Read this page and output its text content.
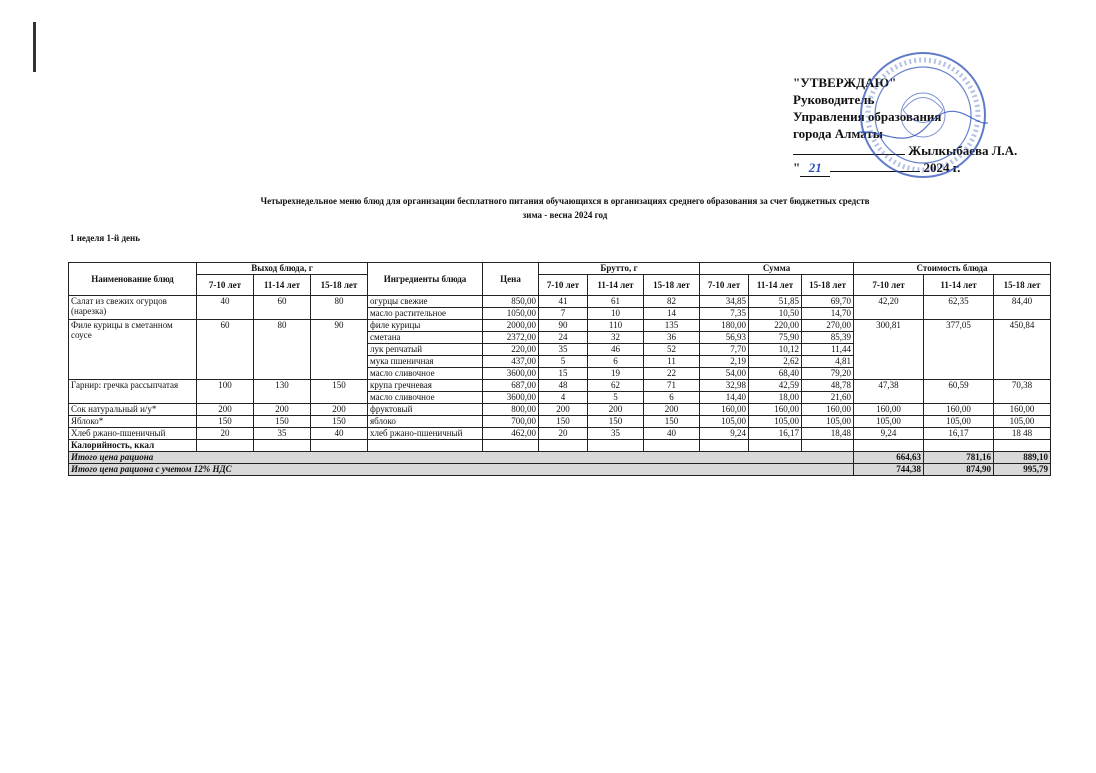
"УТВЕРЖДАЮ"
Руководитель
Управления образования
города Алматы
Жылкыбаева Л.А.
" 21	2024 г.
Четырехнедельное меню блюд для организации бесплатного питания обучающихся в организациях среднего образования за счет бюджетных средств
зима - весна 2024 год
1 неделя 1-й день
Наименование блюд	Выход блюда, г			Ингредиенты блюда	Цена	Брутто, г			Сумма			Стоимость блюда		
	7-10 лет	11-14 лет	15-18 лет			7-10 лет	11-14 лет	15-18 лет	7-10 лет	11-14 лет	15-18 лет	7-10 лет	11-14 лет	15-18 лет
Салат из свежих огурцов (нарезка)	40	60	80	огурцы свежие	850,00	41	61	82	34,85	51,85	69,70	42,20	62,35	84,40
				масло растительное	1050,00	7	10	14	7,35	10,50	14,70			
Филе курицы в сметанном соусе	60	80	90	филе курицы	2000,00	90	110	135	180,00	220,00	270,00	300,81	377,05	450,84
				сметана	2372,00	24	32	36	56,93	75,90	85,39			
				лук репчатый	220,00	35	46	52	7,70	10,12	11,44			
				мука пшеничная	437,00	5	6	11	2,19	2,62	4,81			
				масло сливочное	3600,00	15	19	22	54,00	68,40	79,20			
Гарнир: гречка рассыпчатая	100	130	150	крупа гречневая	687,00	48	62	71	32,98	42,59	48,78	47,38	60,59	70,38
				масло сливочное	3600,00	4	5	6	14,40	18,00	21,60			
Сок натуральный и/у*	200	200	200	фруктовый	800,00	200	200	200	160,00	160,00	160,00	160,00	160,00	160,00
Яблоко*	150	150	150	яблоко	700,00	150	150	150	105,00	105,00	105,00	105,00	105,00	105,00
Хлеб ржано-пшеничный	20	35	40	хлеб ржано-пшеничный	462,00	20	35	40	9,24	16,17	18,48	9,24	16,17	18 48
Калорийность, ккал														
Итого цена рациона												664,63	781,16	889,10
Итого цена рациона с учетом 12% НДС												744,38	874,90	995,79
